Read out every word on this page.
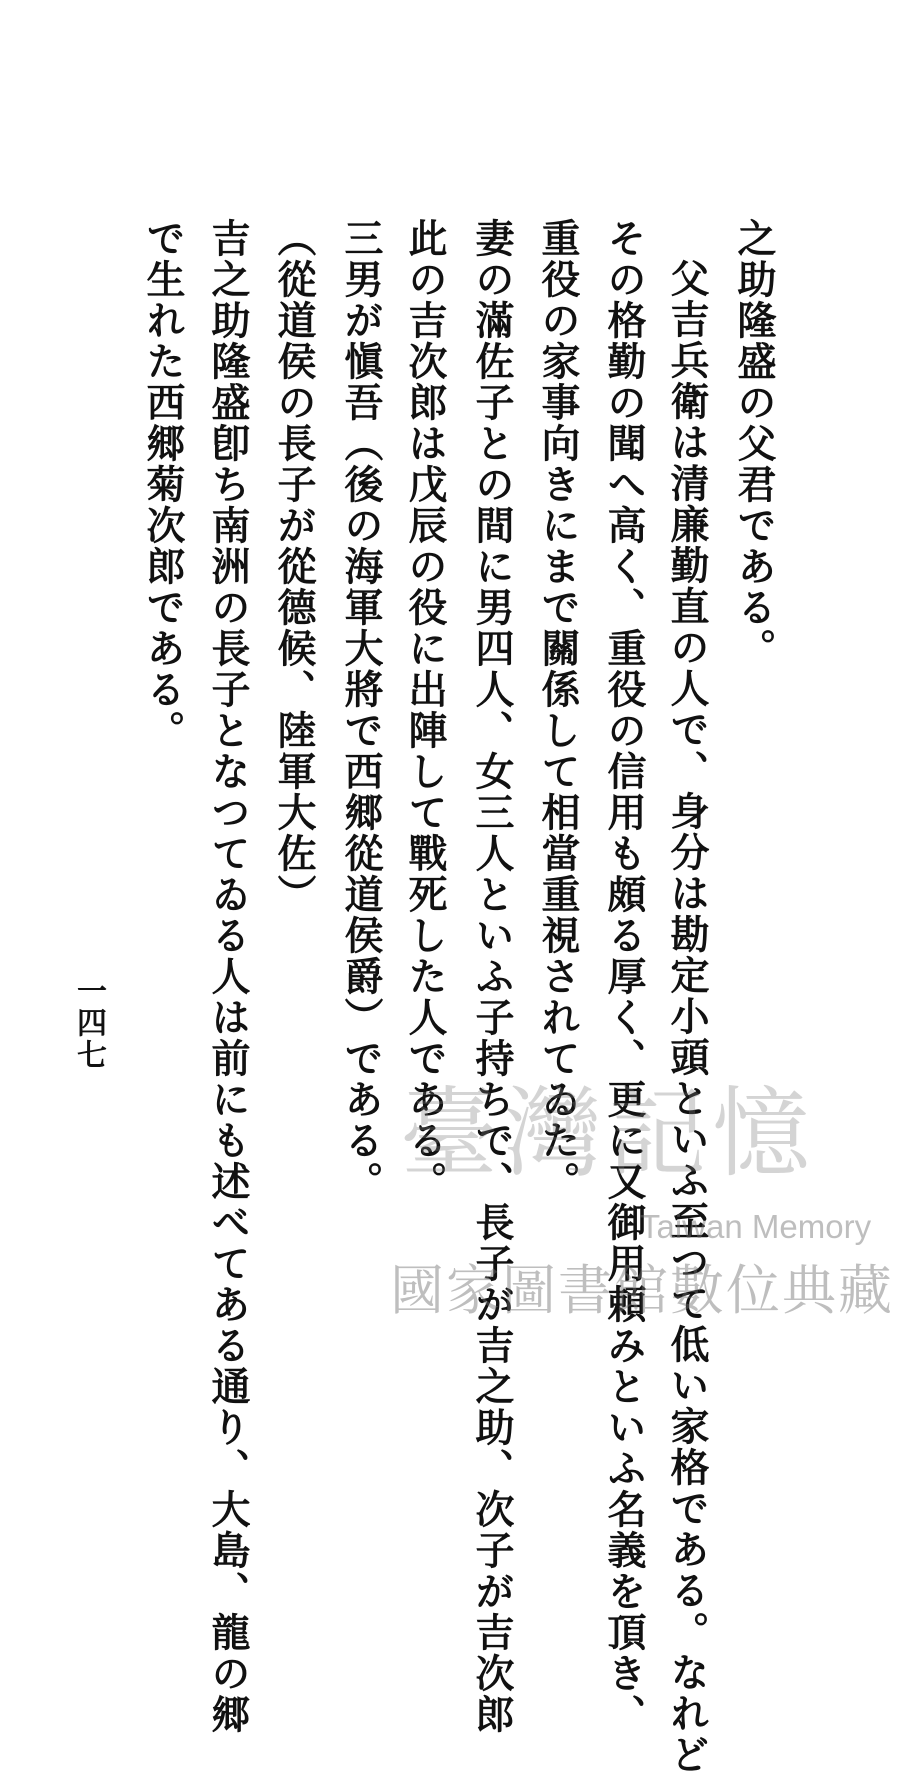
之助隆盛の父君である。
父吉兵衛は清廉勤直の人で、身分は勘定小頭といふ至つて低い家格である。なれど
その格勤の聞へ高く、重役の信用も頗る厚く、更に又御用頼みといふ名義を頂き、
重役の家事向きにまで關係して相當重視されてゐた。
妻の滿佐子との間に男四人、女三人といふ子持ちで、長子が吉之助、次子が吉次郎
此の吉次郎は戊辰の役に出陣して戰死した人である。
三男が愼吾（後の海軍大將で西郷從道侯爵）である。
（從道侯の長子が從德候、陸軍大佐）
吉之助隆盛卽ち南洲の長子となつてゐる人は前にも述べてある通り、大島、龍の郷
で生れた西郷菊次郎である。
一四七
臺灣記憶
Taiwan Memory
國家圖書館數位典藏
